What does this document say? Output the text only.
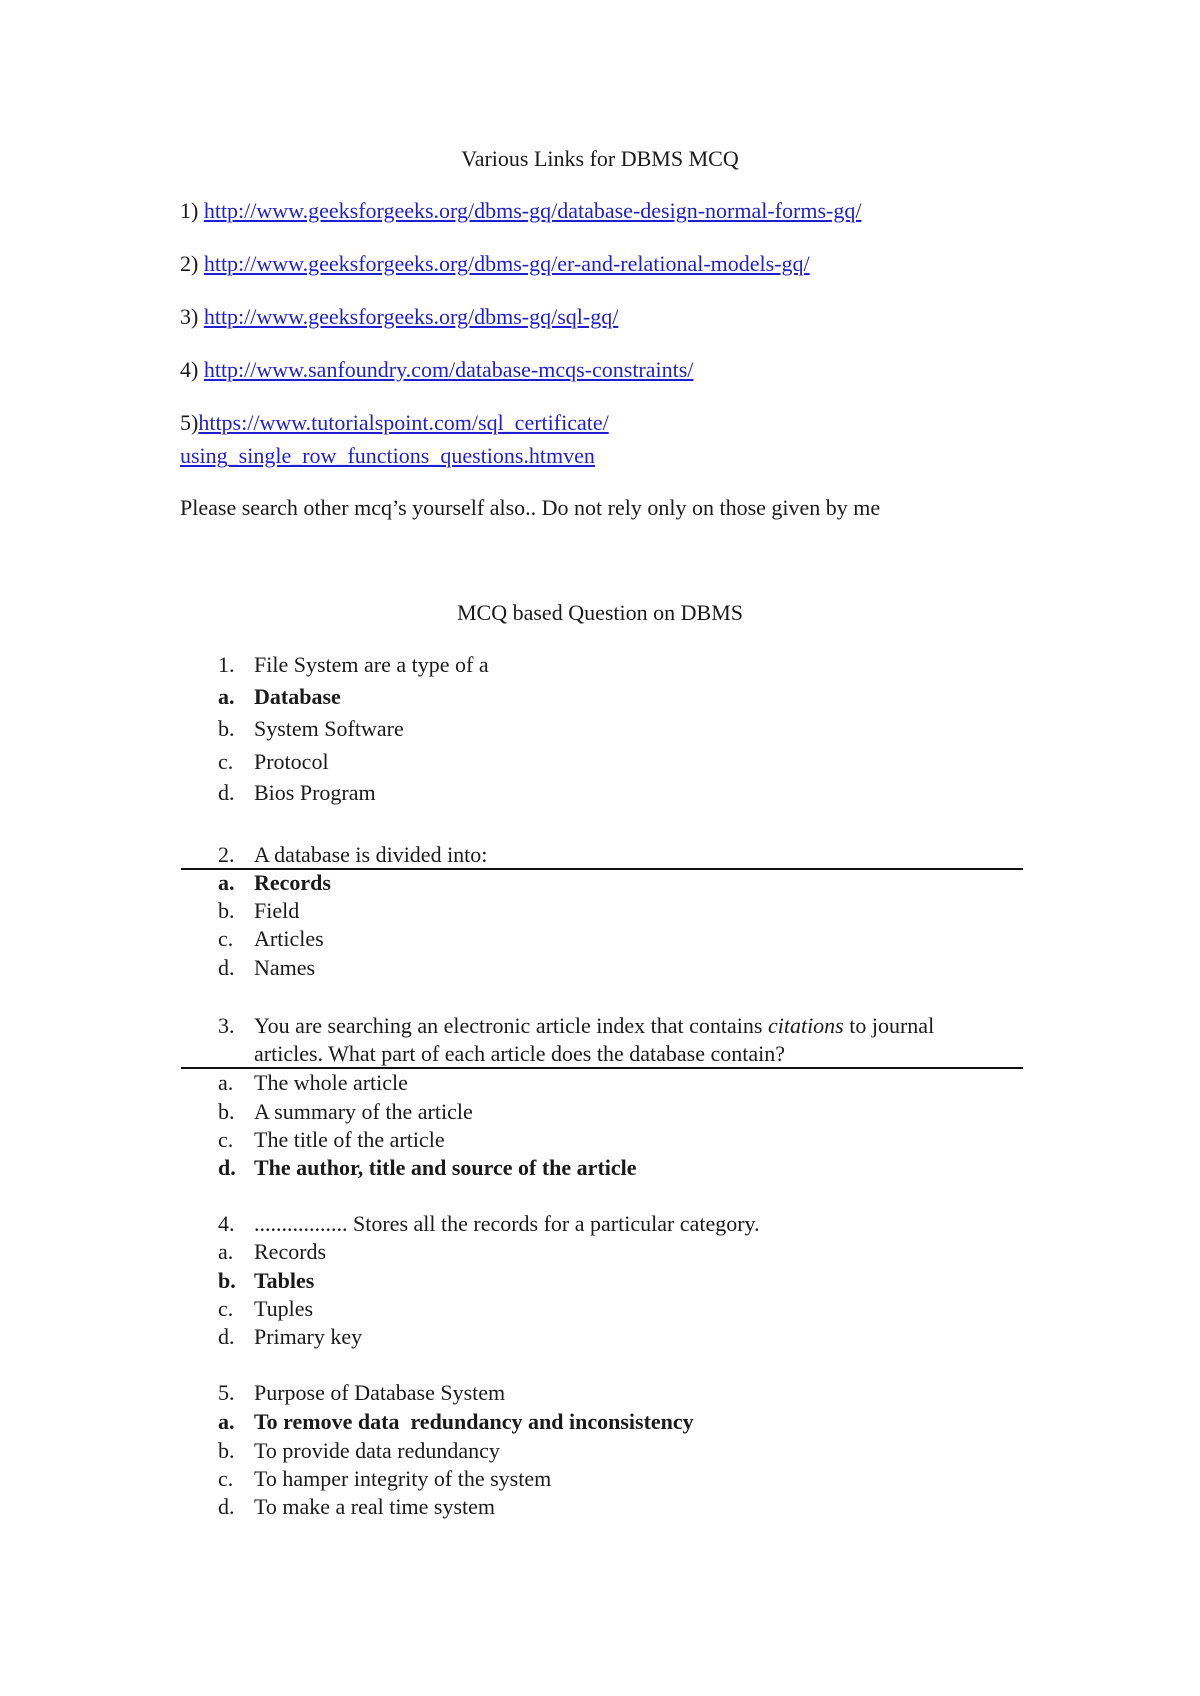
Various Links for DBMS MCQ
1) http://www.geeksforgeeks.org/dbms-gq/database-design-normal-forms-gq/
2) http://www.geeksforgeeks.org/dbms-gq/er-and-relational-models-gq/
3) http://www.geeksforgeeks.org/dbms-gq/sql-gq/
4) http://www.sanfoundry.com/database-mcqs-constraints/
5)https://www.tutorialspoint.com/sql_certificate/
using_single_row_functions_questions.htmven
Please search other mcq’s yourself also.. Do not rely only on those given by me
MCQ based Question on DBMS
1. File System are a type of a
a. Database
b. System Software
c. Protocol
d. Bios Program
2. A database is divided into:
a. Records
b. Field
c. Articles
d. Names
3. You are searching an electronic article index that contains citations to journal
articles. What part of each article does the database contain?
a. The whole article
b. A summary of the article
c. The title of the article
d. The author, title and source of the article
4. ................. Stores all the records for a particular category.
a. Records
b. Tables
c. Tuples
d. Primary key
5. Purpose of Database System
a. To remove data  redundancy and inconsistency
b. To provide data redundancy
c. To hamper integrity of the system
d. To make a real time system
